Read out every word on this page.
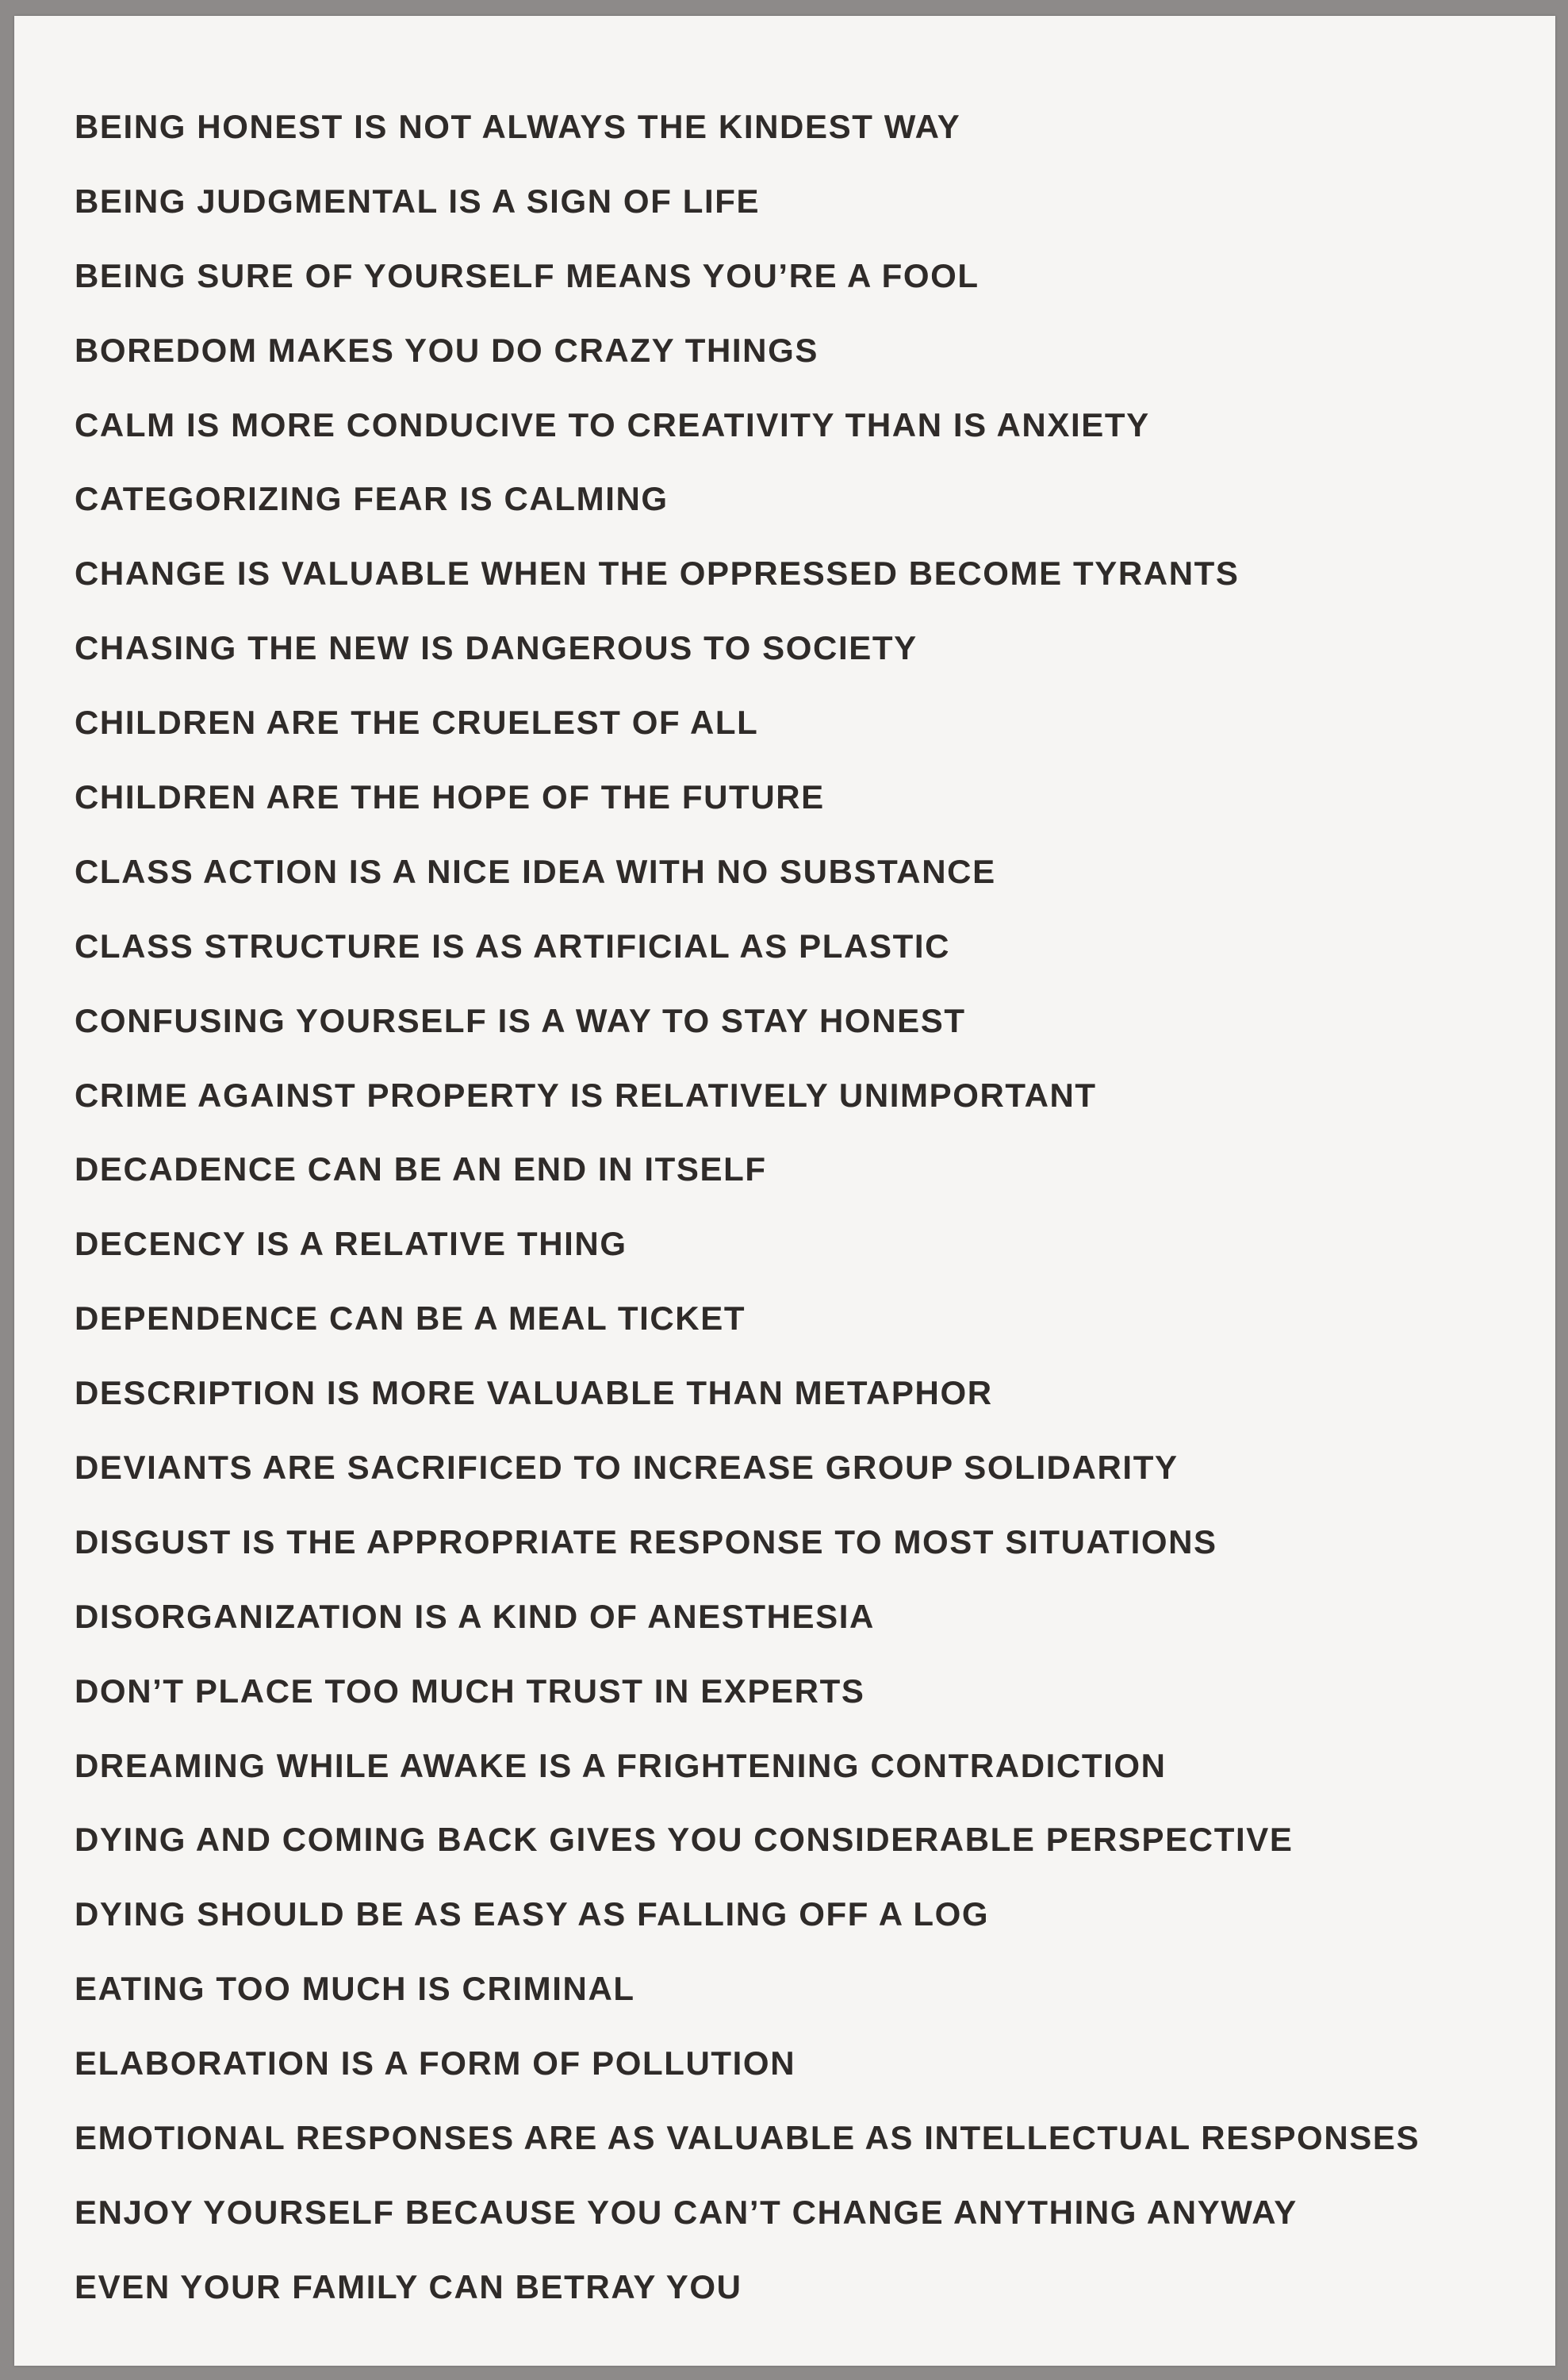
BEING HONEST IS NOT ALWAYS THE KINDEST WAY
BEING JUDGMENTAL IS A SIGN OF LIFE
BEING SURE OF YOURSELF MEANS YOU’RE A FOOL
BOREDOM MAKES YOU DO CRAZY THINGS
CALM IS MORE CONDUCIVE TO CREATIVITY THAN IS ANXIETY
CATEGORIZING FEAR IS CALMING
CHANGE IS VALUABLE WHEN THE OPPRESSED BECOME TYRANTS
CHASING THE NEW IS DANGEROUS TO SOCIETY
CHILDREN ARE THE CRUELEST OF ALL
CHILDREN ARE THE HOPE OF THE FUTURE
CLASS ACTION IS A NICE IDEA WITH NO SUBSTANCE
CLASS STRUCTURE IS AS ARTIFICIAL AS PLASTIC
CONFUSING YOURSELF IS A WAY TO STAY HONEST
CRIME AGAINST PROPERTY IS RELATIVELY UNIMPORTANT
DECADENCE CAN BE AN END IN ITSELF
DECENCY IS A RELATIVE THING
DEPENDENCE CAN BE A MEAL TICKET
DESCRIPTION IS MORE VALUABLE THAN METAPHOR
DEVIANTS ARE SACRIFICED TO INCREASE GROUP SOLIDARITY
DISGUST IS THE APPROPRIATE RESPONSE TO MOST SITUATIONS
DISORGANIZATION IS A KIND OF ANESTHESIA
DON’T PLACE TOO MUCH TRUST IN EXPERTS
DREAMING WHILE AWAKE IS A FRIGHTENING CONTRADICTION
DYING AND COMING BACK GIVES YOU CONSIDERABLE PERSPECTIVE
DYING SHOULD BE AS EASY AS FALLING OFF A LOG
EATING TOO MUCH IS CRIMINAL
ELABORATION IS A FORM OF POLLUTION
EMOTIONAL RESPONSES ARE AS VALUABLE AS INTELLECTUAL RESPONSES
ENJOY YOURSELF BECAUSE YOU CAN’T CHANGE ANYTHING ANYWAY
EVEN YOUR FAMILY CAN BETRAY YOU
